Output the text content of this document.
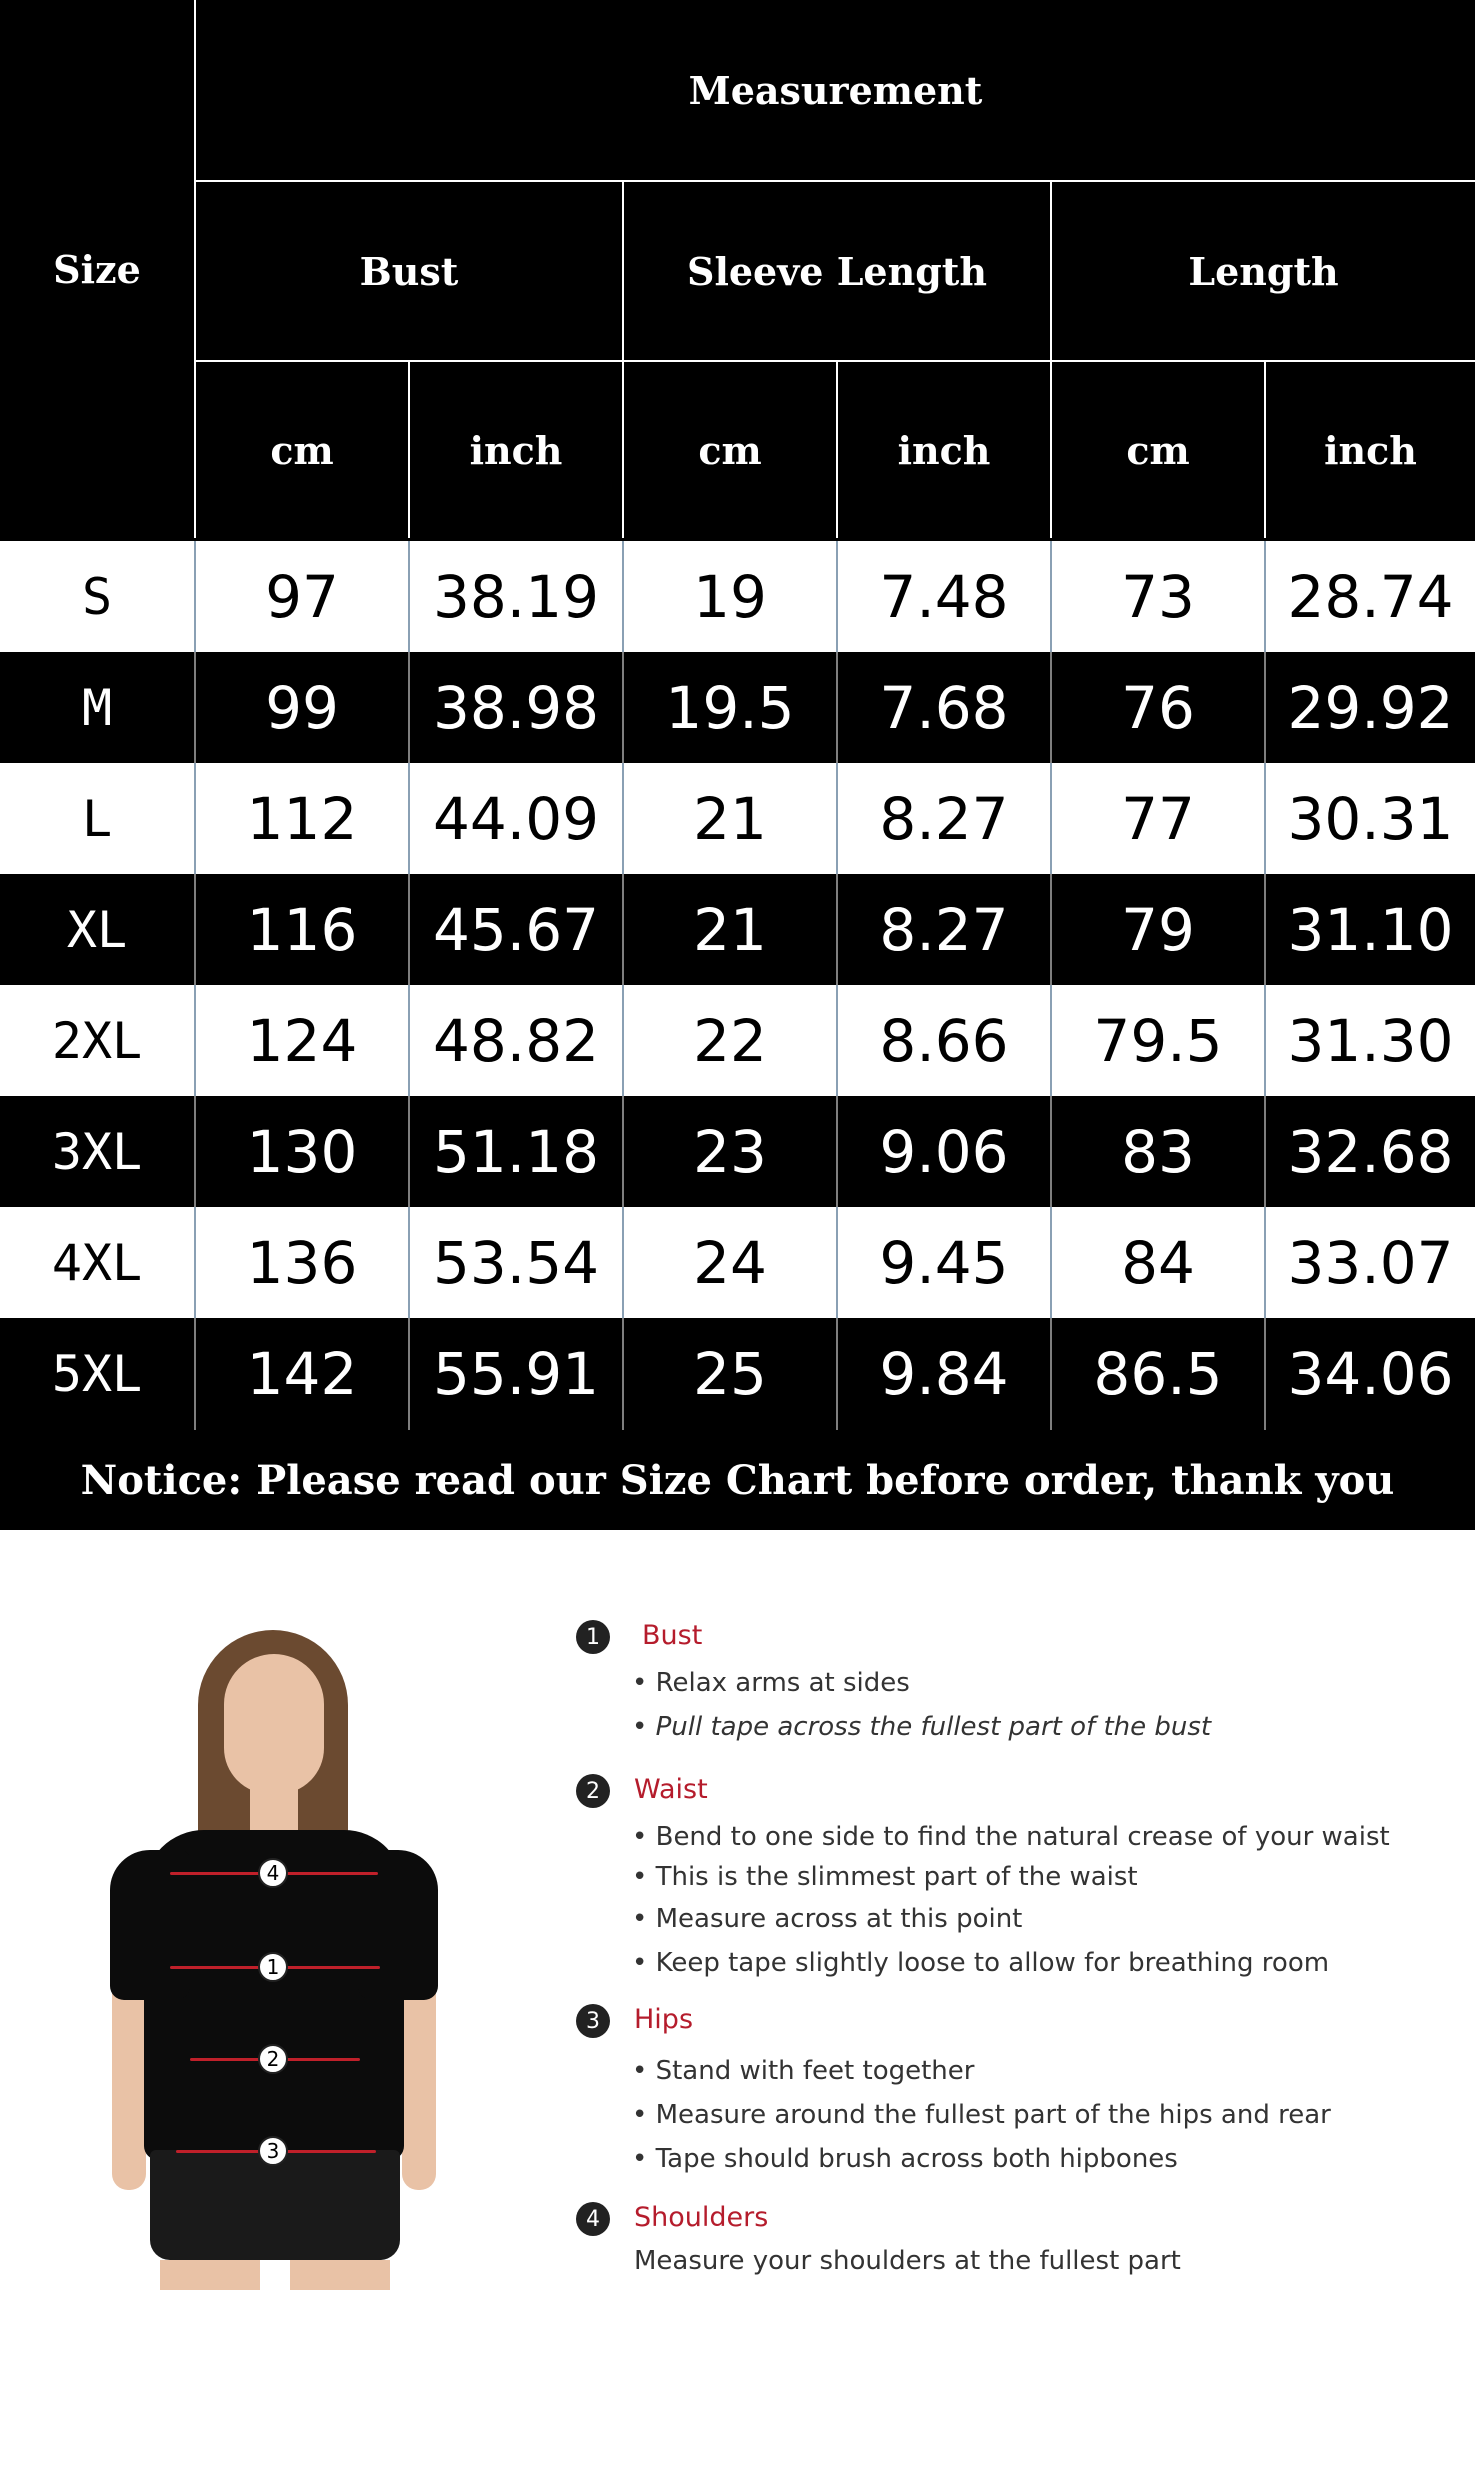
Size
Measurement
Bust	Sleeve Length	Length
cm	inch	cm	inch	cm	inch
S	97	38.19	19	7.48	73	28.74
M	99	38.98	19.5	7.68	76	29.92
L	112	44.09	21	8.27	77	30.31
XL	116	45.67	21	8.27	79	31.10
2XL	124	48.82	22	8.66	79.5	31.30
3XL	130	51.18	23	9.06	83	32.68
4XL	136	53.54	24	9.45	84	33.07
5XL	142	55.91	25	9.84	86.5	34.06
Notice: Please read our Size Chart before order, thank you
4
1
2
3
1	Bust
• Relax arms at sides
• Pull tape across the fullest part of the bust
2	Waist
• Bend to one side to find the natural crease of your waist
• This is the slimmest part of the waist
• Measure across at this point
• Keep tape slightly loose to allow for breathing room
3	Hips
• Stand with feet together
• Measure around the fullest part of the hips and rear
• Tape should brush across both hipbones
4	Shoulders
Measure your shoulders at the fullest part
